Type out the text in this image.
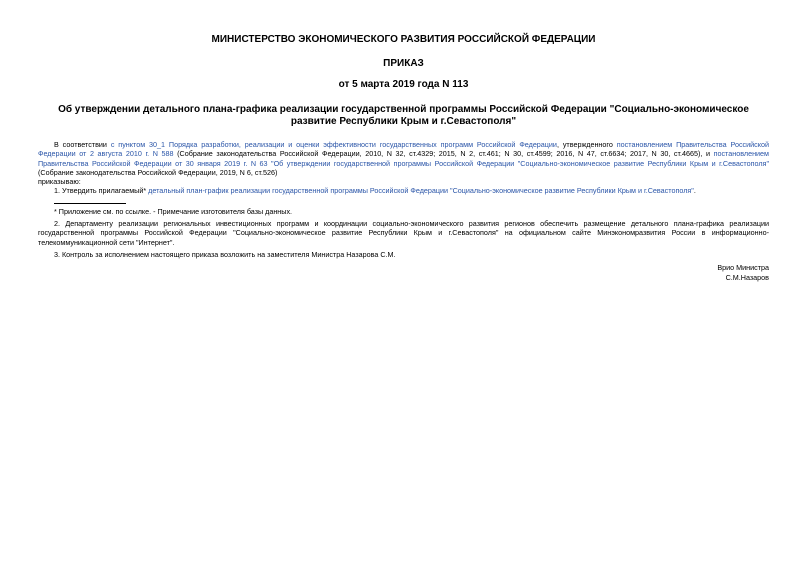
МИНИСТЕРСТВО ЭКОНОМИЧЕСКОГО РАЗВИТИЯ РОССИЙСКОЙ ФЕДЕРАЦИИ
ПРИКАЗ
от 5 марта 2019 года N 113
Об утверждении детального плана-графика реализации государственной программы Российской Федерации "Социально-экономическое развитие Республики Крым и г.Севастополя"

В соответствии с пунктом 30_1 Порядка разработки, реализации и оценки эффективности государственных программ Российской Федерации, утвержденного постановлением Правительства Российской Федерации от 2 августа 2010 г. N 588 (Собрание законодательства Российской Федерации, 2010, N 32, ст.4329; 2015, N 2, ст.461; N 30, ст.4599; 2016, N 47, ст.6634; 2017, N 30, ст.4665), и постановлением Правительства Российской Федерации от 30 января 2019 г. N 63 "Об утверждении государственной программы Российской Федерации "Социально-экономическое развитие Республики Крым и г.Севастополя" (Собрание законодательства Российской Федерации, 2019, N 6, ст.526)

приказываю:

1. Утвердить прилагаемый* детальный план-график реализации государственной программы Российской Федерации "Социально-экономическое развитие Республики Крым и г.Севастополя".

* Приложение см. по ссылке. - Примечание изготовителя базы данных.

2. Департаменту реализации региональных инвестиционных программ и координации социально-экономического развития регионов обеспечить размещение детального плана-графика реализации государственной программы Российской Федерации "Социально-экономическое развитие Республики Крым и г.Севастополя" на официальном сайте Минэкономразвития России в информационно-телекоммуникационной сети "Интернет".

3. Контроль за исполнением настоящего приказа возложить на заместителя Министра Назарова С.М.

Врио Министра
С.М.Назаров
